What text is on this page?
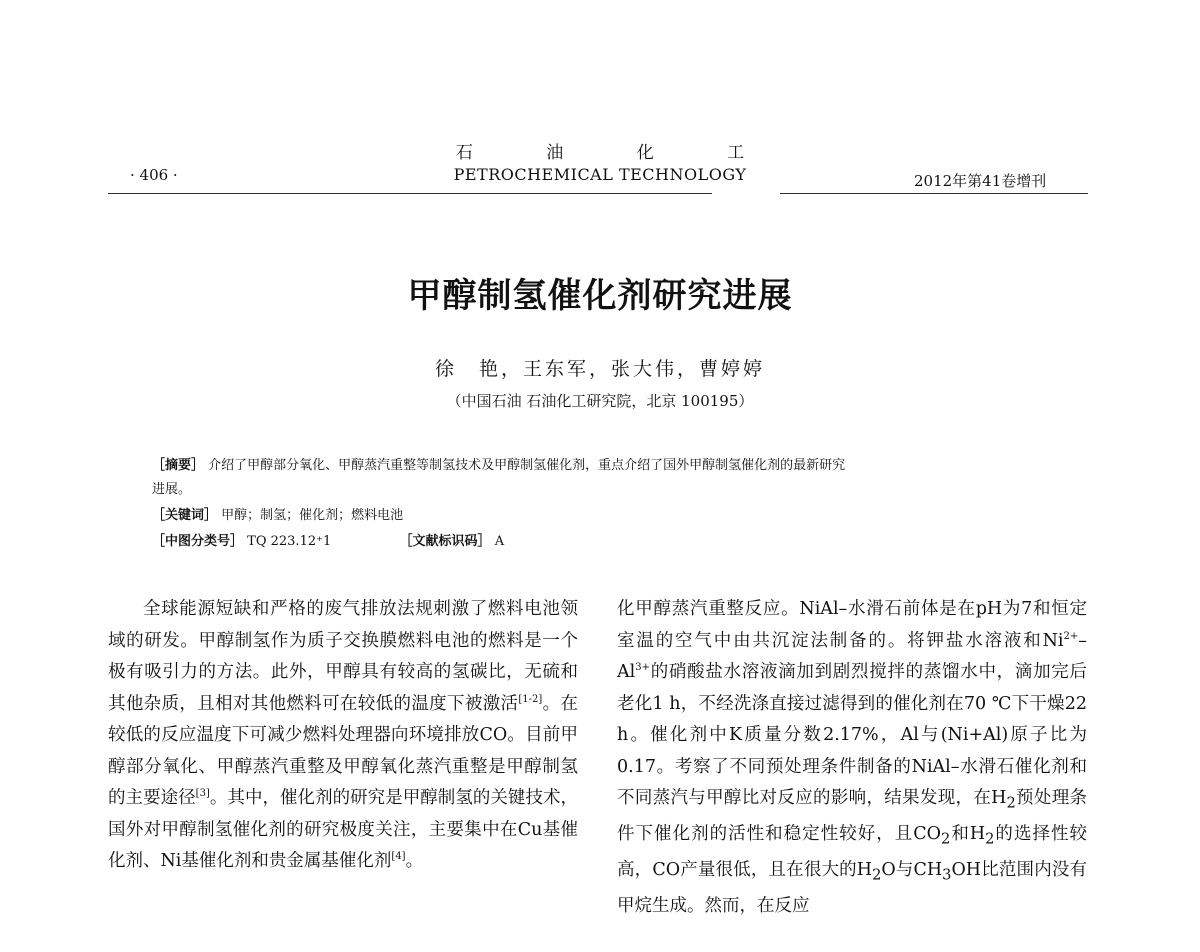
石 油 化 工
· 406 ·	PETROCHEMICAL TECHNOLOGY	2012年第41卷增刊
甲醇制氢催化剂研究进展
徐　艳，王东军，张大伟，曹婷婷
（中国石油 石油化工研究院，北京 100195）
［摘要］ 介绍了甲醇部分氧化、甲醇蒸汽重整等制氢技术及甲醇制氢催化剂，重点介绍了国外甲醇制氢催化剂的最新研究
进展。
［关键词］ 甲醇；制氢；催化剂；燃料电池
［中图分类号］ TQ 223.12⁺1	［文献标识码］ A

全球能源短缺和严格的废气排放法规刺激了燃料电池领域的研发。甲醇制氢作为质子交换膜燃料电池的燃料是一个极有吸引力的方法。此外，甲醇具有较高的氢碳比，无硫和其他杂质，且相对其他燃料可在较低的温度下被激活[1-2]。在较低的反应温度下可减少燃料处理器向环境排放CO。目前甲醇部分氧化、甲醇蒸汽重整及甲醇氧化蒸汽重整是甲醇制氢的主要途径[3]。其中，催化剂的研究是甲醇制氢的关键技术，国外对甲醇制氢催化剂的研究极度关注，主要集中在Cu基催化剂、Ni基催化剂和贵金属基催化剂[4]。

化甲醇蒸汽重整反应。NiAl–水滑石前体是在pH为7和恒定室温的空气中由共沉淀法制备的。将钾盐水溶液和$Ni^{2+}-Al^{3+}$的硝酸盐水溶液滴加到剧烈搅拌的蒸馏水中，滴加完后老化1 h，不经洗涤直接过滤得到的催化剂在70 ℃下干燥22 h。催化剂中K质量分数2.17%，Al与(Ni+Al)原子比为0.17。考察了不同预处理条件制备的NiAl–水滑石催化剂和不同蒸汽与甲醇比对反应的影响，结果发现，在$H_2$预处理条件下催化剂的活性和稳定性较好，且$CO_2$和$H_2$的选择性较高，CO产量很低，且在很大的$H_2O$与$CH_3OH$比范围内没有甲烷生成。然而，在反应
